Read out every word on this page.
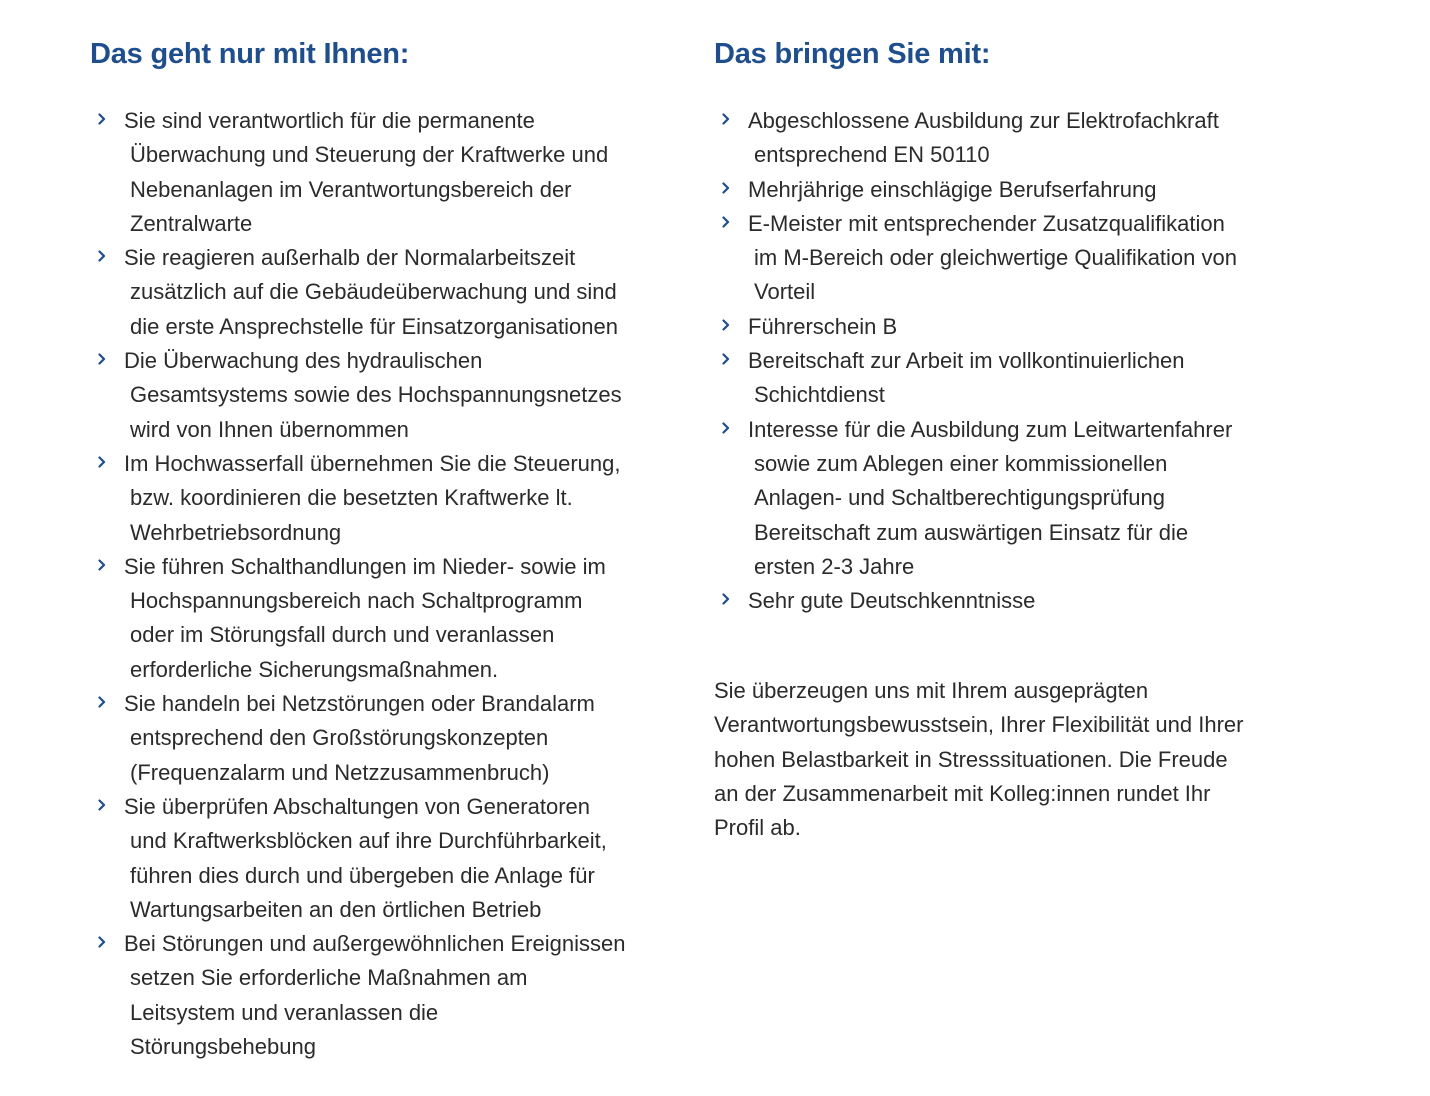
Das geht nur mit Ihnen:
Sie sind verantwortlich für die permanente
Überwachung und Steuerung der Kraftwerke und
Nebenanlagen im Verantwortungsbereich der
Zentralwarte
Sie reagieren außerhalb der Normalarbeitszeit
zusätzlich auf die Gebäudeüberwachung und sind
die erste Ansprechstelle für Einsatzorganisationen
Die Überwachung des hydraulischen
Gesamtsystems sowie des Hochspannungsnetzes
wird von Ihnen übernommen
Im Hochwasserfall übernehmen Sie die Steuerung,
bzw. koordinieren die besetzten Kraftwerke lt.
Wehrbetriebsordnung
Sie führen Schalthandlungen im Nieder- sowie im
Hochspannungsbereich nach Schaltprogramm
oder im Störungsfall durch und veranlassen
erforderliche Sicherungsmaßnahmen.
Sie handeln bei Netzstörungen oder Brandalarm
entsprechend den Großstörungskonzepten
(Frequenzalarm und Netzzusammenbruch)
Sie überprüfen Abschaltungen von Generatoren
und Kraftwerksblöcken auf ihre Durchführbarkeit,
führen dies durch und übergeben die Anlage für
Wartungsarbeiten an den örtlichen Betrieb
Bei Störungen und außergewöhnlichen Ereignissen
setzen Sie erforderliche Maßnahmen am
Leitsystem und veranlassen die
Störungsbehebung
Das bringen Sie mit:
Abgeschlossene Ausbildung zur Elektrofachkraft
entsprechend EN 50110
Mehrjährige einschlägige Berufserfahrung
E-Meister mit entsprechender Zusatzqualifikation
im M-Bereich oder gleichwertige Qualifikation von
Vorteil
Führerschein B
Bereitschaft zur Arbeit im vollkontinuierlichen
Schichtdienst
Interesse für die Ausbildung zum Leitwartenfahrer
sowie zum Ablegen einer kommissionellen
Anlagen- und Schaltberechtigungsprüfung
Bereitschaft zum auswärtigen Einsatz für die
ersten 2-3 Jahre
Sehr gute Deutschkenntnisse

Sie überzeugen uns mit Ihrem ausgeprägten
Verantwortungsbewusstsein, Ihrer Flexibilität und Ihrer
hohen Belastbarkeit in Stresssituationen. Die Freude
an der Zusammenarbeit mit Kolleg:innen rundet Ihr
Profil ab.
